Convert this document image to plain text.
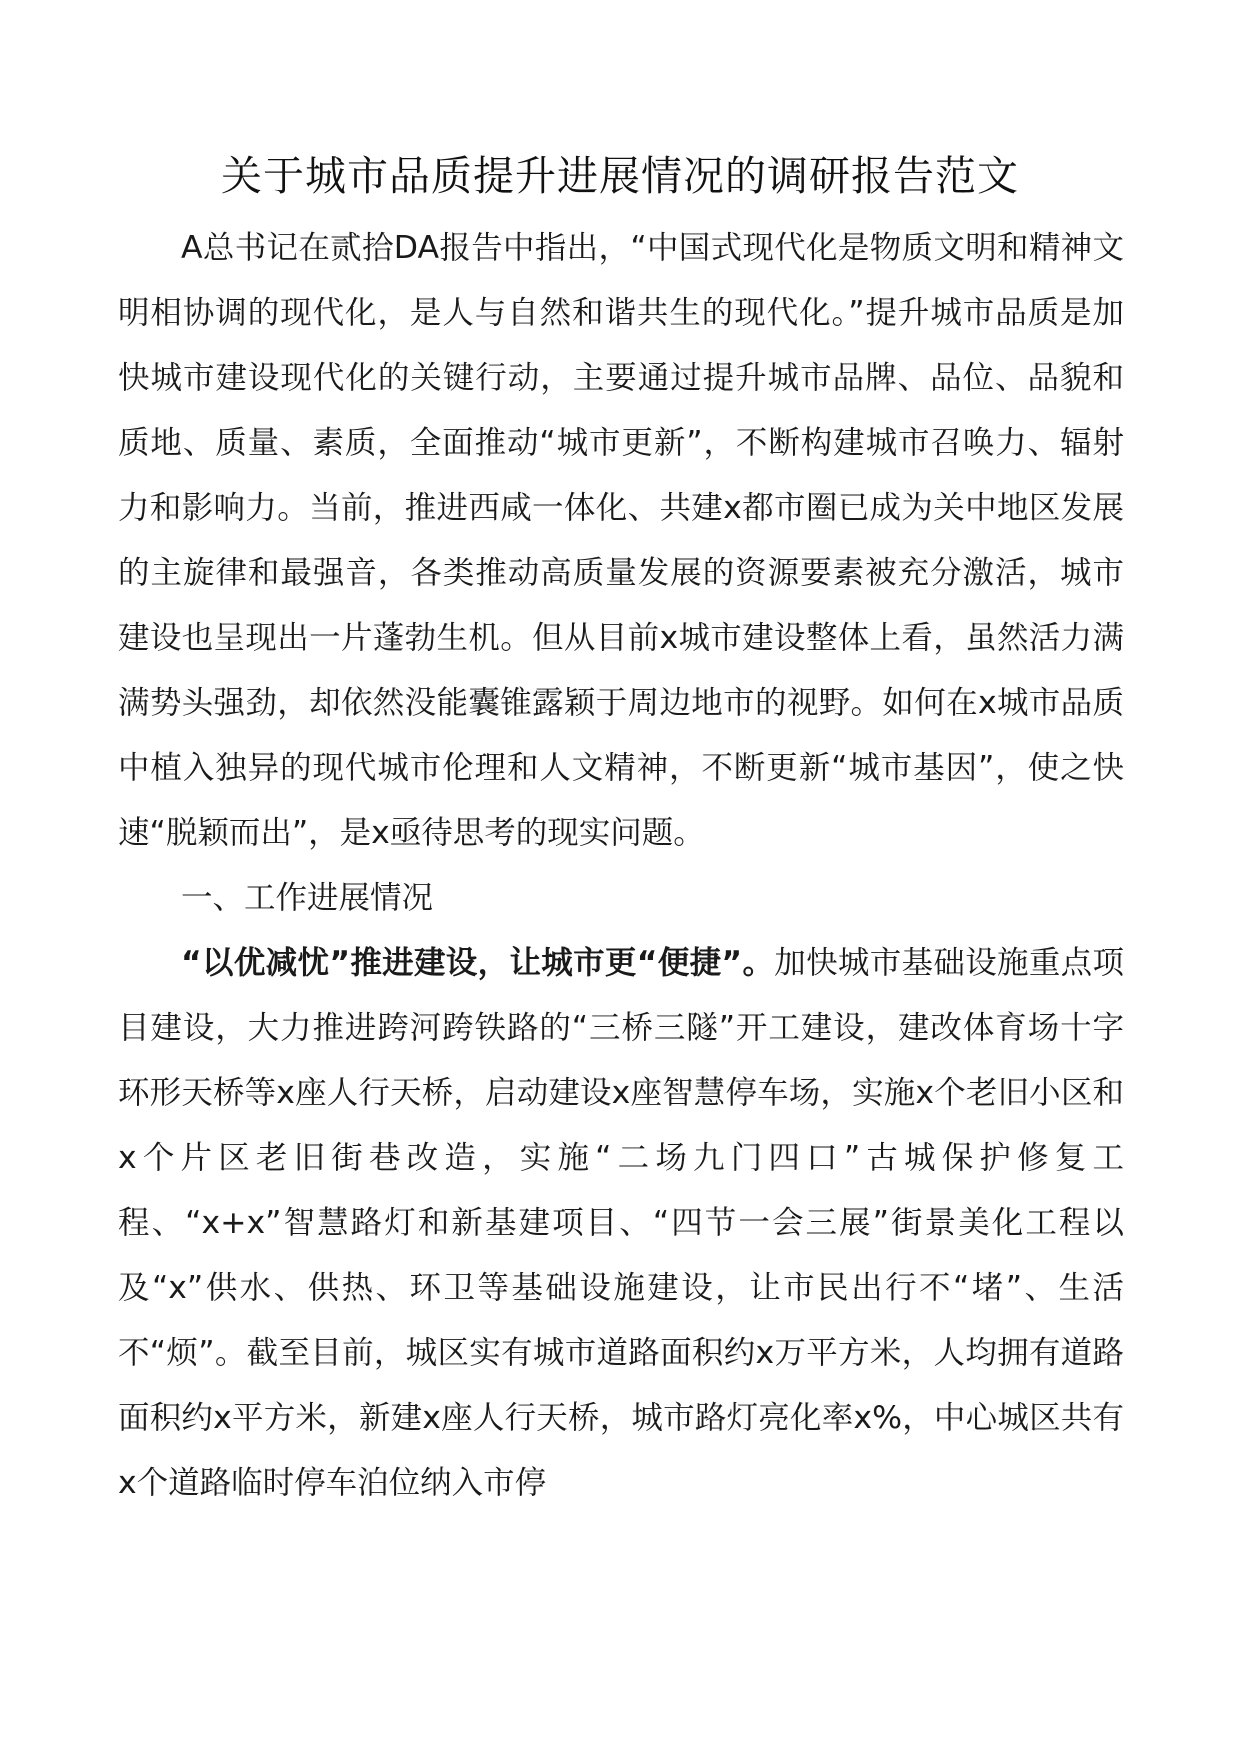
关于城市品质提升进展情况的调研报告范文

A总书记在贰拾DA报告中指出，“中国式现代化是物质文明和精神文明相协调的现代化，是人与自然和谐共生的现代化。”提升城市品质是加快城市建设现代化的关键行动，主要通过提升城市品牌、品位、品貌和质地、质量、素质，全面推动“城市更新”，不断构建城市召唤力、辐射力和影响力。当前，推进西咸一体化、共建x都市圈已成为关中地区发展的主旋律和最强音，各类推动高质量发展的资源要素被充分激活，城市建设也呈现出一片蓬勃生机。但从目前x城市建设整体上看，虽然活力满满势头强劲，却依然没能囊锥露颖于周边地市的视野。如何在x城市品质中植入独异的现代城市伦理和人文精神，不断更新“城市基因”，使之快速“脱颖而出”，是x亟待思考的现实问题。

一、工作进展情况

“以优减忧”推进建设，让城市更“便捷”。加快城市基础设施重点项目建设，大力推进跨河跨铁路的“三桥三隧”开工建设，建改体育场十字环形天桥等x座人行天桥，启动建设x座智慧停车场，实施x个老旧小区和x个片区老旧街巷改造，实施“二场九门四口”古城保护修复工程、“x+x”智慧路灯和新基建项目、“四节一会三展”街景美化工程以及“x”供水、供热、环卫等基础设施建设，让市民出行不“堵”、生活不“烦”。截至目前，城区实有城市道路面积约x万平方米，人均拥有道路面积约x平方米，新建x座人行天桥，城市路灯亮化率x%，中心城区共有x个道路临时停车泊位纳入市停
